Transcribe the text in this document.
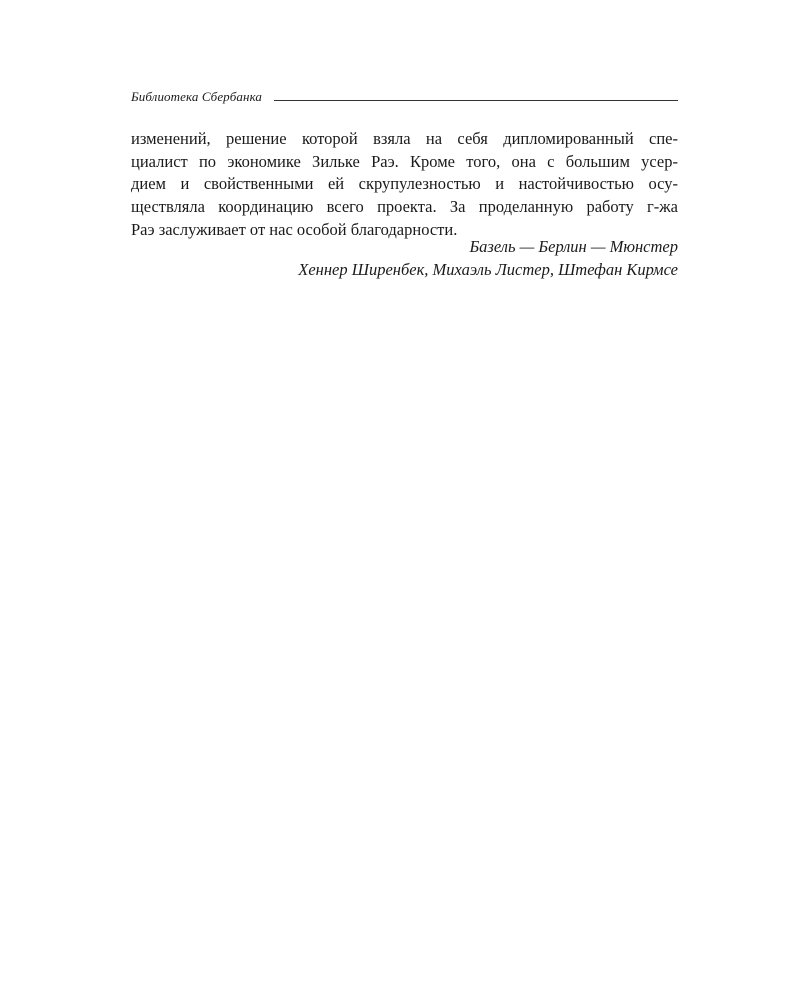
Библиотека Сбербанка
изменений, решение которой взяла на себя дипломированный спе-
циалист по экономике Зильке Раэ. Кроме того, она с большим усер-
дием и свойственными ей скрупулезностью и настойчивостью осу-
ществляла координацию всего проекта. За проделанную работу г-жа
Раэ заслуживает от нас особой благодарности.
Базель — Берлин — Мюнстер
Хеннер Ширенбек, Михаэль Листер, Штефан Кирмсе
